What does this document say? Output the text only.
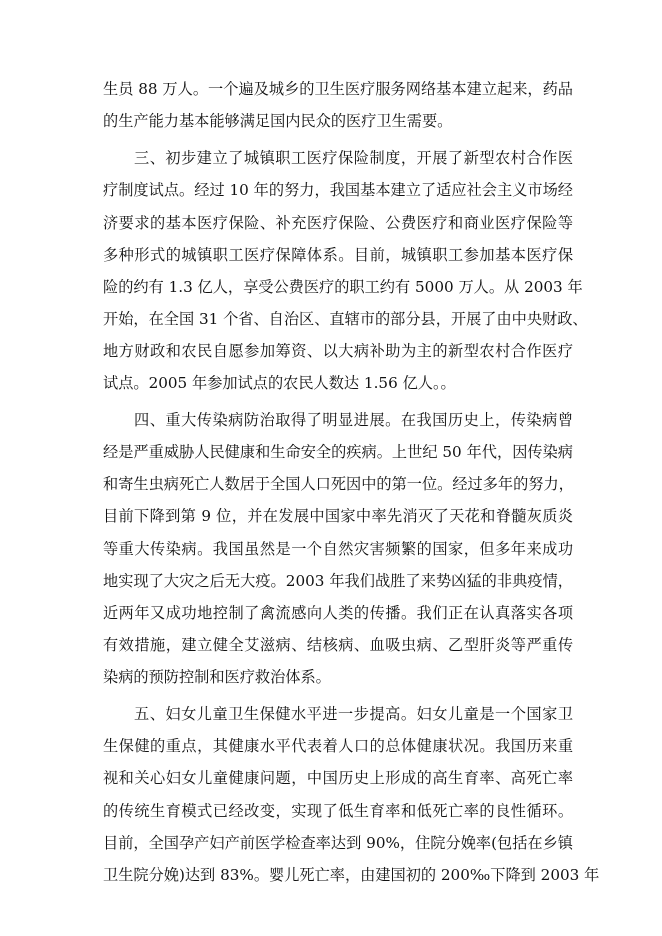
生员 88 万人。一个遍及城乡的卫生医疗服务网络基本建立起来，药品
的生产能力基本能够满足国内民众的医疗卫生需要。
三、初步建立了城镇职工医疗保险制度，开展了新型农村合作医
疗制度试点。经过 10 年的努力，我国基本建立了适应社会主义市场经
济要求的基本医疗保险、补充医疗保险、公费医疗和商业医疗保险等
多种形式的城镇职工医疗保障体系。目前，城镇职工参加基本医疗保
险的约有 1.3 亿人，享受公费医疗的职工约有 5000 万人。从 2003 年
开始，在全国 31 个省、自治区、直辖市的部分县，开展了由中央财政、
地方财政和农民自愿参加筹资、以大病补助为主的新型农村合作医疗
试点。2005 年参加试点的农民人数达 1.56 亿人。。
四、重大传染病防治取得了明显进展。在我国历史上，传染病曾
经是严重威胁人民健康和生命安全的疾病。上世纪 50 年代，因传染病
和寄生虫病死亡人数居于全国人口死因中的第一位。经过多年的努力，
目前下降到第 9 位，并在发展中国家中率先消灭了天花和脊髓灰质炎
等重大传染病。我国虽然是一个自然灾害频繁的国家，但多年来成功
地实现了大灾之后无大疫。2003 年我们战胜了来势凶猛的非典疫情，
近两年又成功地控制了禽流感向人类的传播。我们正在认真落实各项
有效措施，建立健全艾滋病、结核病、血吸虫病、乙型肝炎等严重传
染病的预防控制和医疗救治体系。
五、妇女儿童卫生保健水平进一步提高。妇女儿童是一个国家卫
生保健的重点，其健康水平代表着人口的总体健康状况。我国历来重
视和关心妇女儿童健康问题，中国历史上形成的高生育率、高死亡率
的传统生育模式已经改变，实现了低生育率和低死亡率的良性循环。
目前，全国孕产妇产前医学检查率达到 90%，住院分娩率(包括在乡镇
卫生院分娩)达到 83%。婴儿死亡率，由建国初的 200‰下降到 2003 年
